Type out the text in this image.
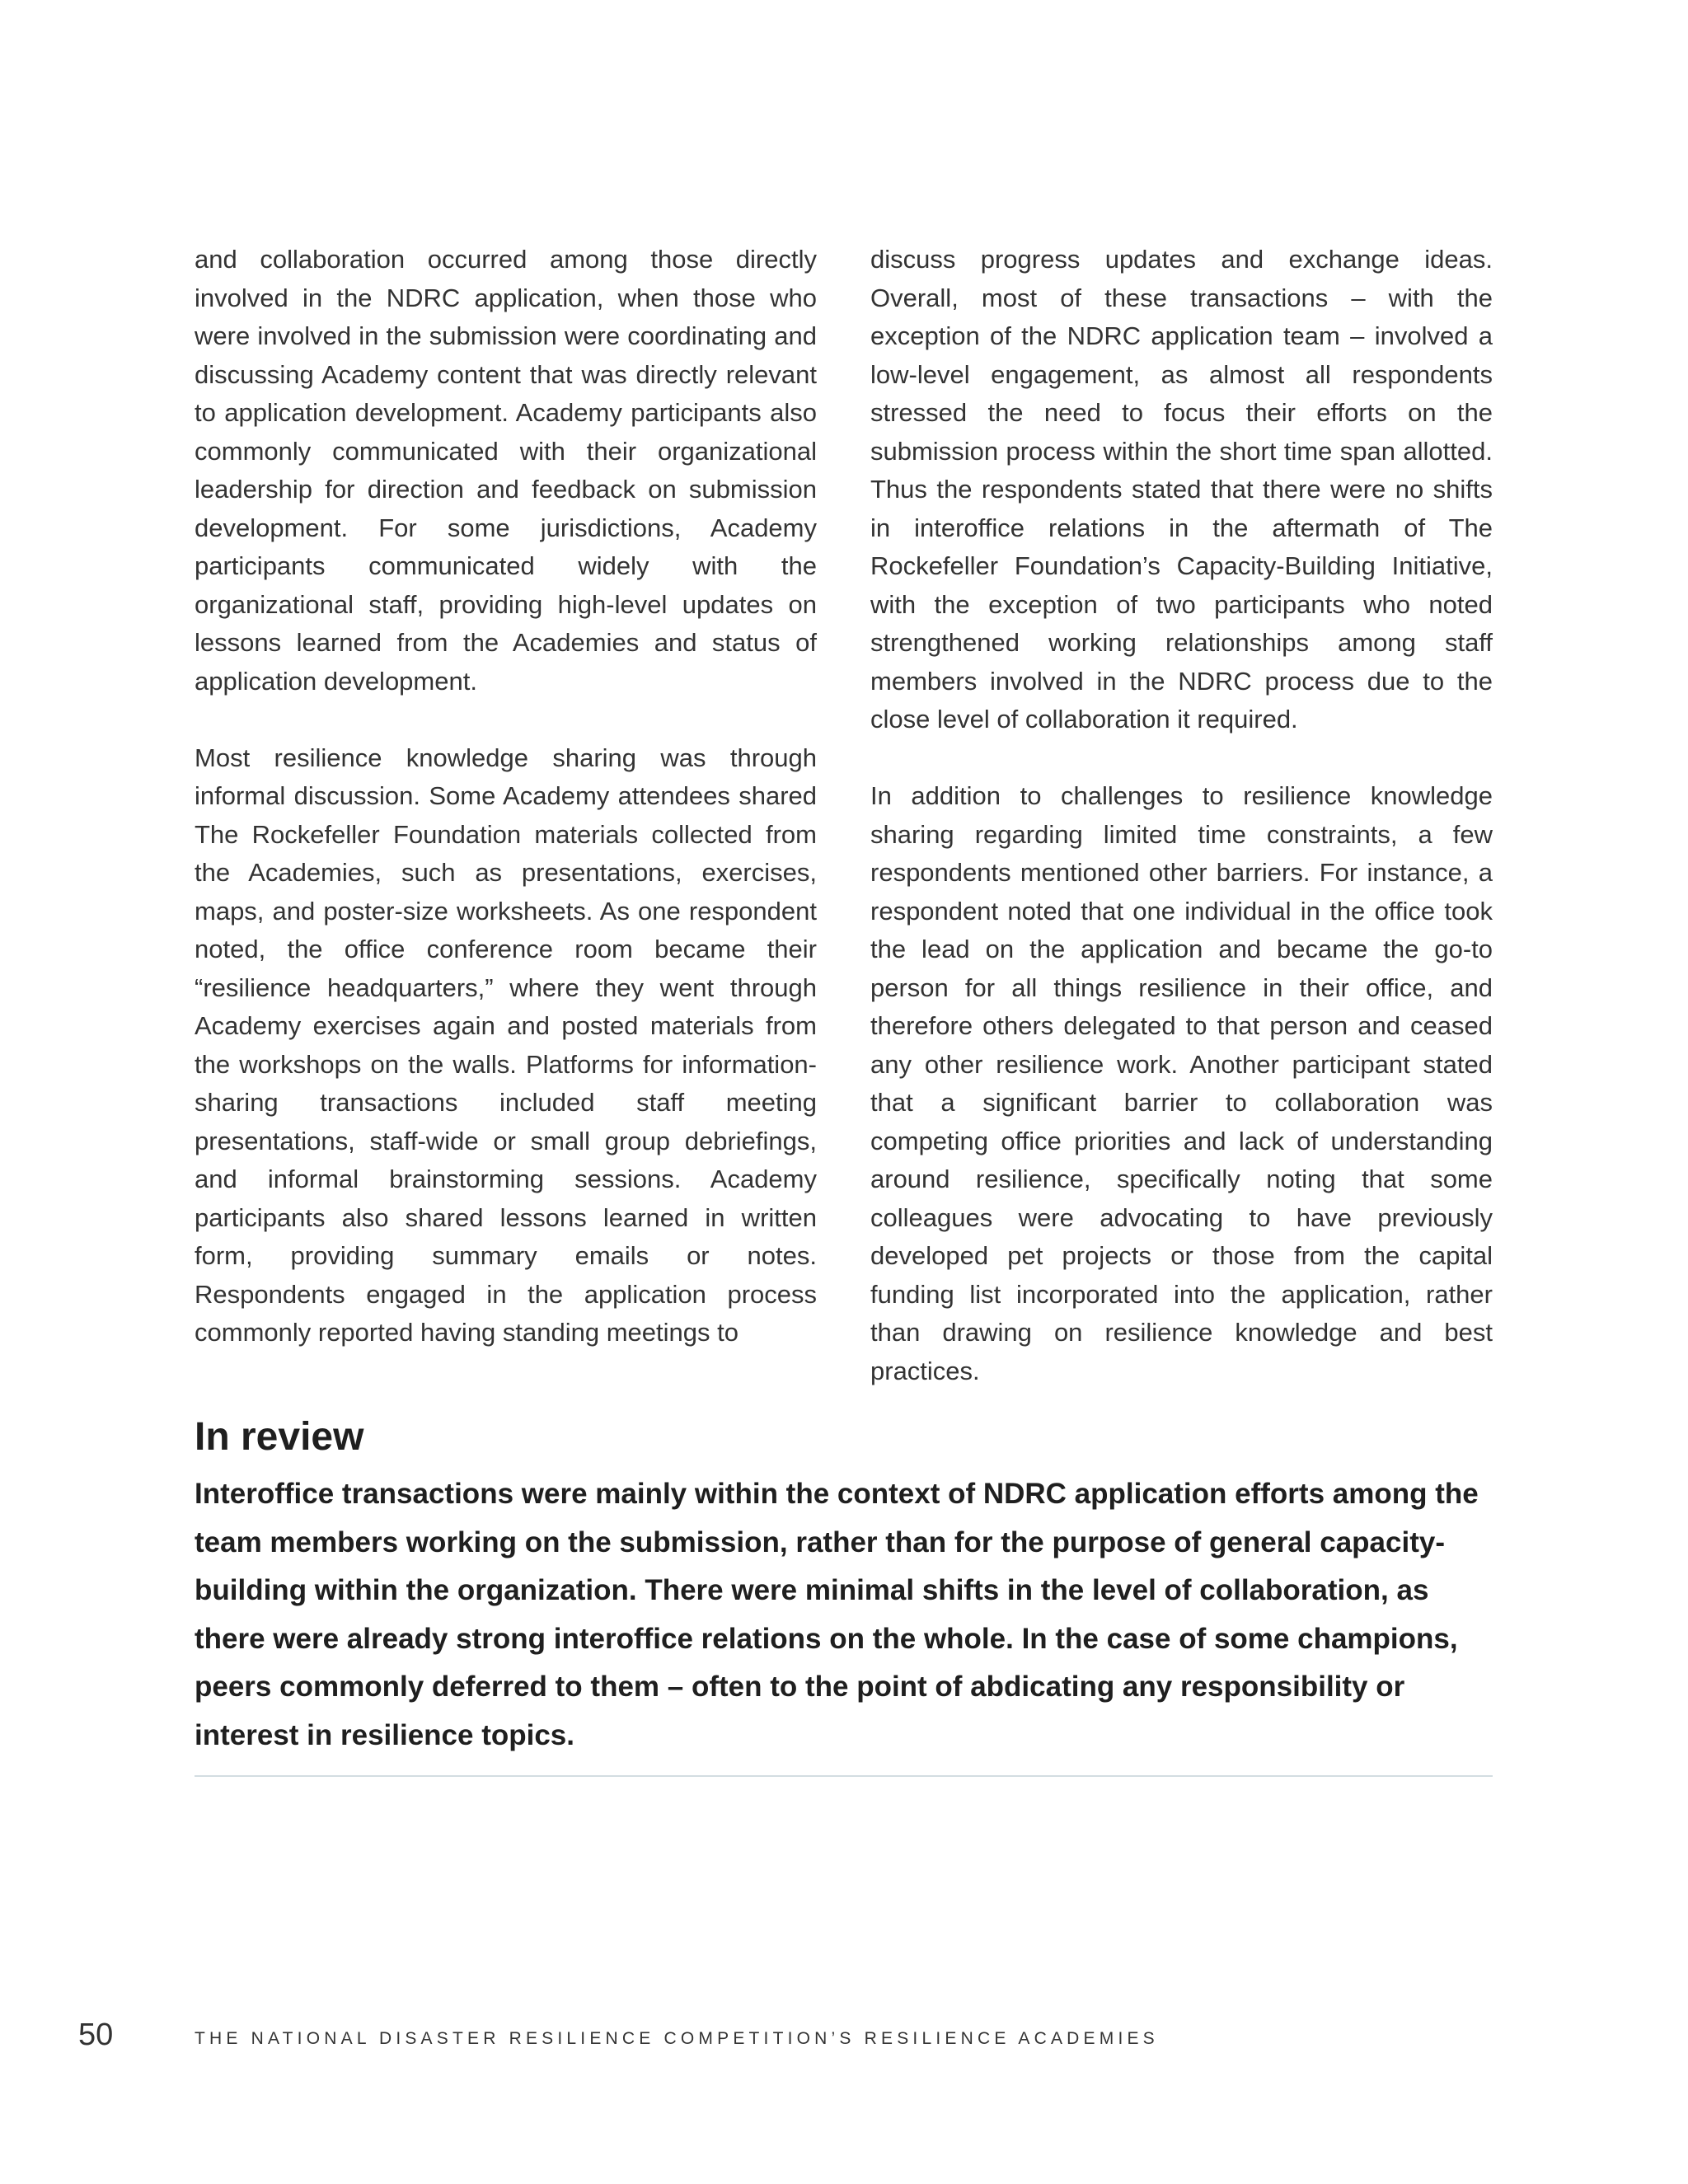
and collaboration occurred among those directly involved in the NDRC application, when those who were involved in the submission were coordinating and discussing Academy content that was directly relevant to application development. Academy participants also commonly communicated with their organizational leadership for direction and feedback on submission development. For some jurisdictions, Academy participants communicated widely with the organizational staff, providing high-level updates on lessons learned from the Academies and status of application development.

Most resilience knowledge sharing was through informal discussion. Some Academy attendees shared The Rockefeller Foundation materials collected from the Academies, such as presentations, exercises, maps, and poster-size worksheets. As one respondent noted, the office conference room became their “resilience headquarters,” where they went through Academy exercises again and posted materials from the workshops on the walls. Platforms for information-sharing transactions included staff meeting presentations, staff-wide or small group debriefings, and informal brainstorming sessions. Academy participants also shared lessons learned in written form, providing summary emails or notes. Respondents engaged in the application process commonly reported having standing meetings to

discuss progress updates and exchange ideas. Overall, most of these transactions – with the exception of the NDRC application team – involved a low-level engagement, as almost all respondents stressed the need to focus their efforts on the submission process within the short time span allotted. Thus the respondents stated that there were no shifts in interoffice relations in the aftermath of The Rockefeller Foundation’s Capacity-Building Initiative, with the exception of two participants who noted strengthened working relationships among staff members involved in the NDRC process due to the close level of collaboration it required.

In addition to challenges to resilience knowledge sharing regarding limited time constraints, a few respondents mentioned other barriers. For instance, a respondent noted that one individual in the office took the lead on the application and became the go-to person for all things resilience in their office, and therefore others delegated to that person and ceased any other resilience work. Another participant stated that a significant barrier to collaboration was competing office priorities and lack of understanding around resilience, specifically noting that some colleagues were advocating to have previously developed pet projects or those from the capital funding list incorporated into the application, rather than drawing on resilience knowledge and best practices.

In review

Interoffice transactions were mainly within the context of NDRC application efforts among the team members working on the submission, rather than for the purpose of general capacity-building within the organization. There were minimal shifts in the level of collaboration, as there were already strong interoffice relations on the whole. In the case of some champions, peers commonly deferred to them – often to the point of abdicating any responsibility or interest in resilience topics.

50	THE NATIONAL DISASTER RESILIENCE COMPETITION’S RESILIENCE ACADEMIES
